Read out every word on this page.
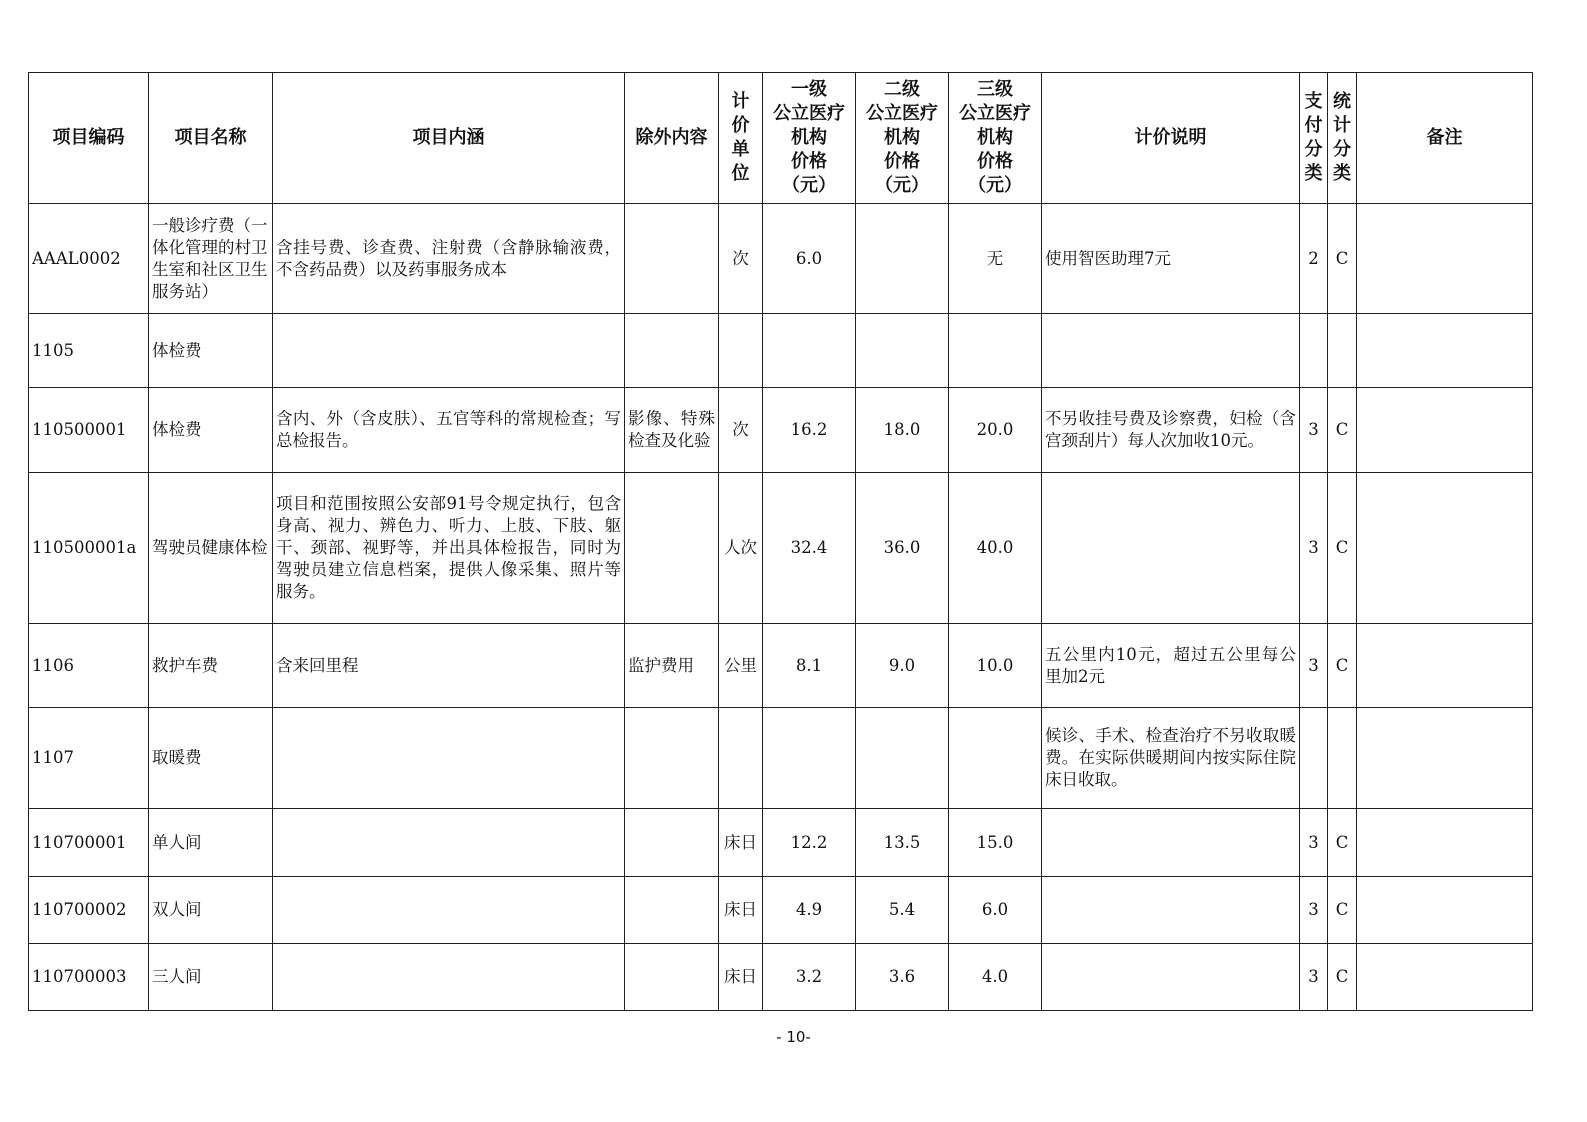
项目编码	项目名称	项目内涵	除外内容	计
价
单
位	一级
公立医疗
机构
价格
（元）	二级
公立医疗
机构
价格
（元）	三级
公立医疗
机构
价格
（元）	计价说明	支
付
分
类	统
计
分
类	备注
AAAL0002	一般诊疗费（一体化管理的村卫生室和社区卫生服务站）	含挂号费、诊查费、注射费（含静脉输液费，不含药品费）以及药事服务成本		次	6.0		无	使用智医助理7元	2	C	
1105	体检费										
110500001	体检费	含内、外（含皮肤）、五官等科的常规检查；写总检报告。	影像、特殊检查及化验	次	16.2	18.0	20.0	不另收挂号费及诊察费，妇检（含宫颈刮片）每人次加收10元。	3	C	
110500001a	驾驶员健康体检	项目和范围按照公安部91号令规定执行，包含身高、视力、辨色力、听力、上肢、下肢、躯干、颈部、视野等，并出具体检报告，同时为驾驶员建立信息档案，提供人像采集、照片等服务。		人次	32.4	36.0	40.0		3	C	
1106	救护车费	含来回里程	监护费用	公里	8.1	9.0	10.0	五公里内10元，超过五公里每公里加2元	3	C	
1107	取暖费							候诊、手术、检查治疗不另收取暖费。在实际供暖期间内按实际住院床日收取。			
110700001	单人间			床日	12.2	13.5	15.0		3	C	
110700002	双人间			床日	4.9	5.4	6.0		3	C	
110700003	三人间			床日	3.2	3.6	4.0		3	C	
- 10-
